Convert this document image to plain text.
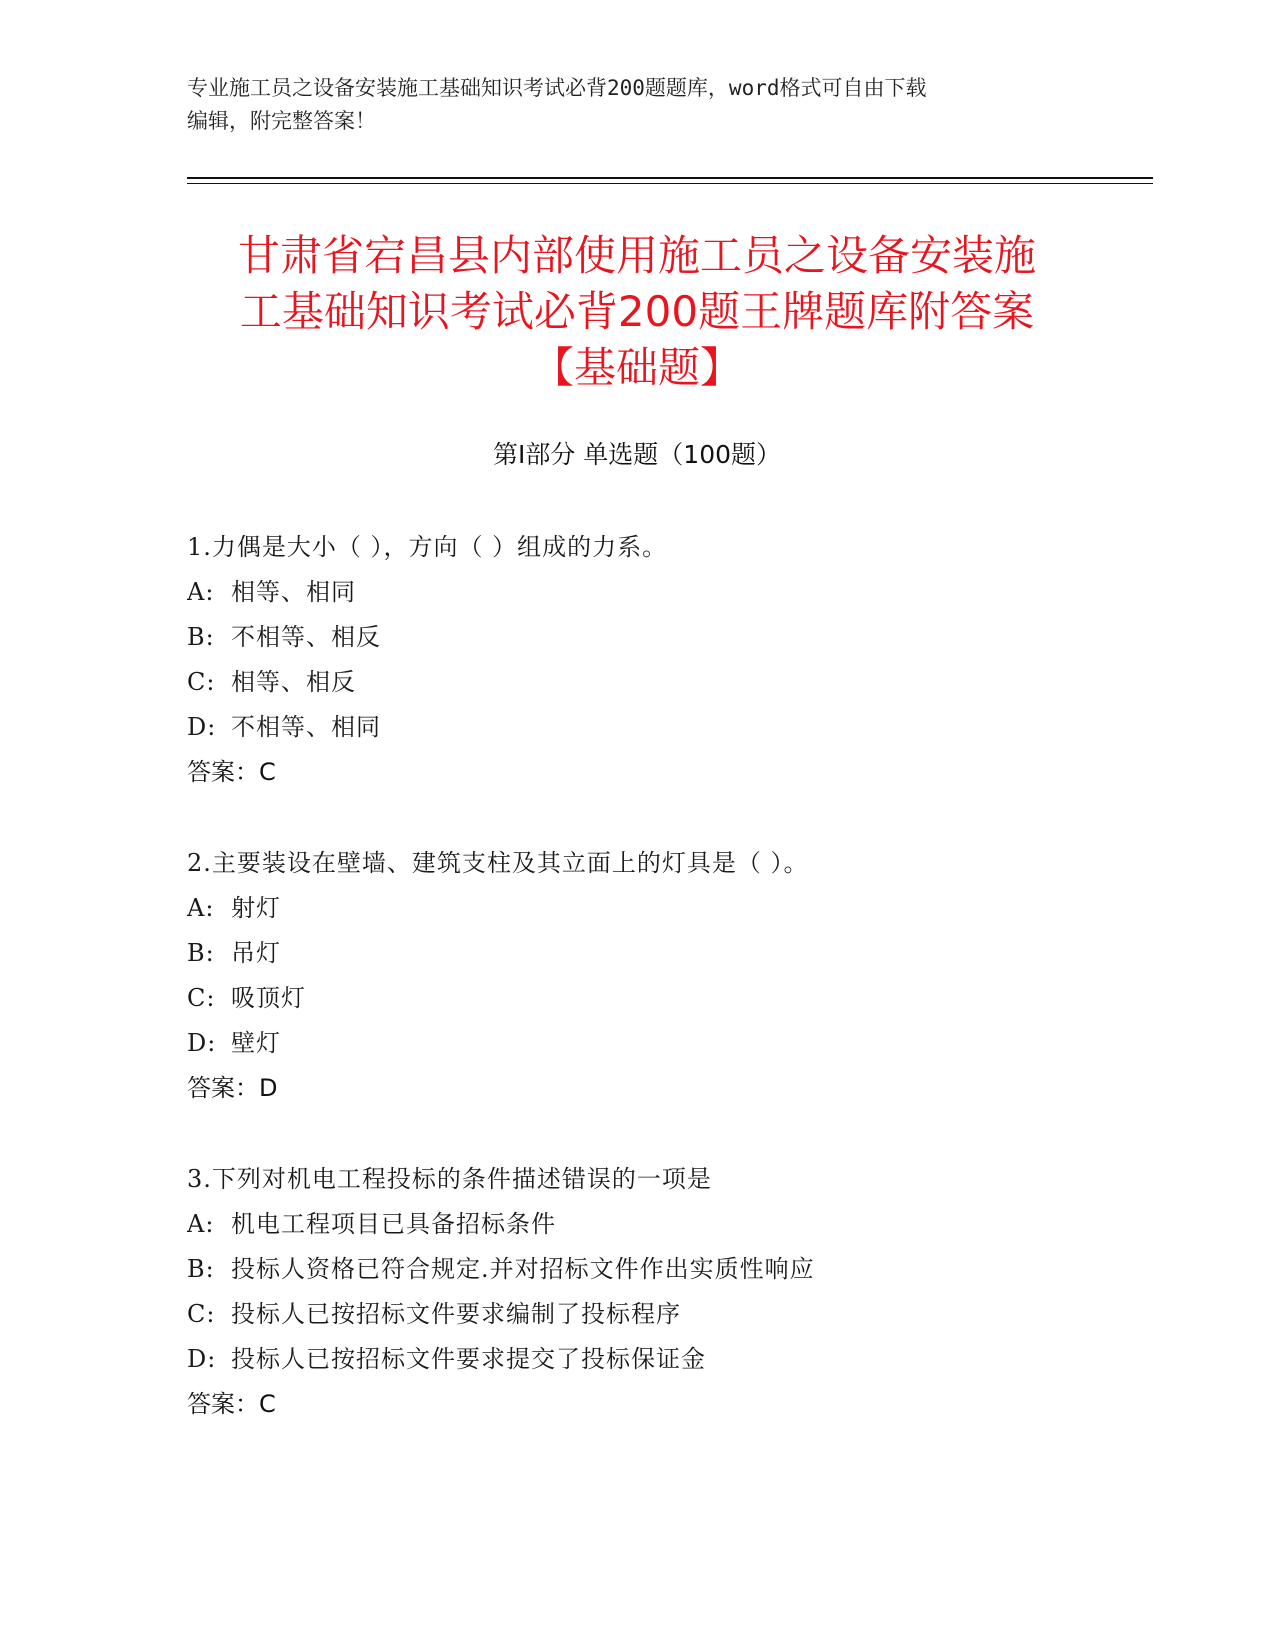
专业施工员之设备安装施工基础知识考试必背200题题库，word格式可自由下载
编辑，附完整答案！
甘肃省宕昌县内部使用施工员之设备安装施
工基础知识考试必背200题王牌题库附答案
【基础题】
第Ⅰ部分 单选题（100题）
1.力偶是大小（ ），方向（ ）组成的力系。
A: 相等、相同
B: 不相等、相反
C: 相等、相反
D: 不相等、相同
答案：C
2.主要装设在壁墙、建筑支柱及其立面上的灯具是（ ）。
A: 射灯
B: 吊灯
C: 吸顶灯
D: 壁灯
答案：D
3.下列对机电工程投标的条件描述错误的一项是
A: 机电工程项目已具备招标条件
B: 投标人资格已符合规定.并对招标文件作出实质性响应
C: 投标人已按招标文件要求编制了投标程序
D: 投标人已按招标文件要求提交了投标保证金
答案：C
